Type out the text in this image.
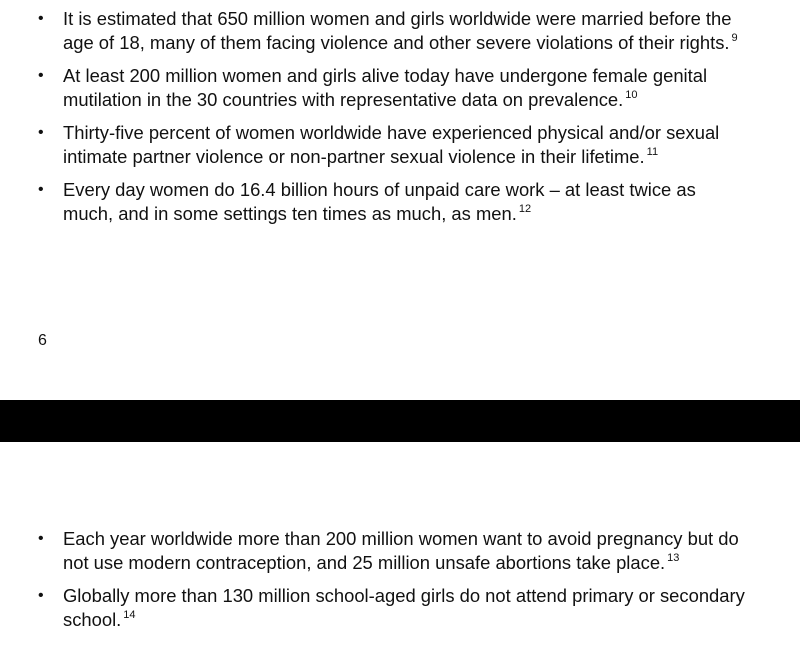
• It is estimated that 650 million women and girls worldwide were married before the age of 18, many of them facing violence and other severe violations of their rights. $^9$
• At least 200 million women and girls alive today have undergone female genital mutilation in the 30 countries with representative data on prevalence. $^{10}$
• Thirty-five percent of women worldwide have experienced physical and/or sexual intimate partner violence or non-partner sexual violence in their lifetime. $^{11}$
• Every day women do 16.4 billion hours of unpaid care work – at least twice as much, and in some settings ten times as much, as men. $^{12}$
6
• Each year worldwide more than 200 million women want to avoid pregnancy but do not use modern contraception, and 25 million unsafe abortions take place. $^{13}$
• Globally more than 130 million school-aged girls do not attend primary or secondary school. $^{14}$
